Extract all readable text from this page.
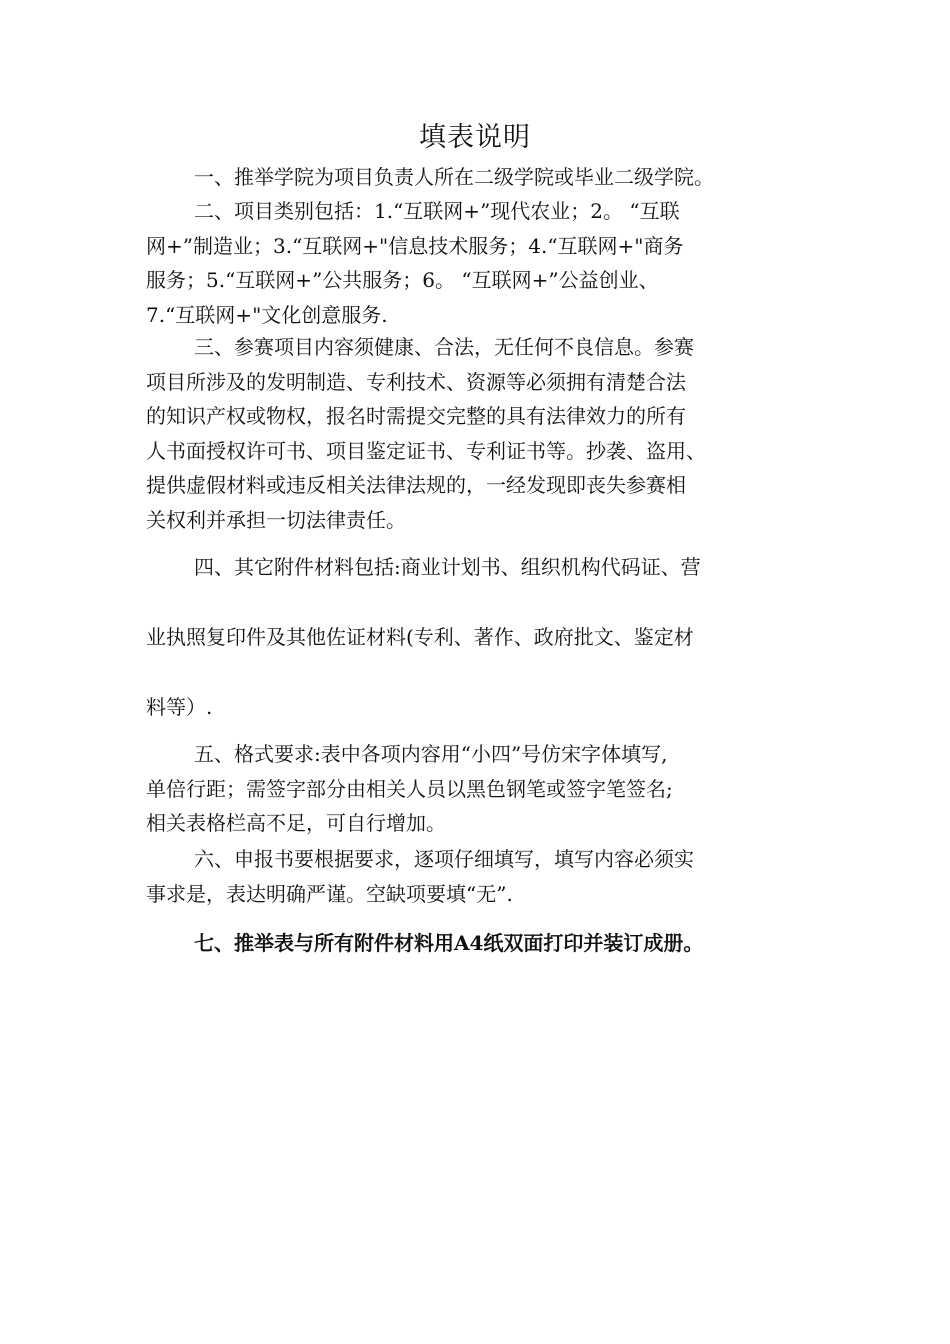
填表说明
一、推举学院为项目负责人所在二级学院或毕业二级学院。
二、项目类别包括：1.“互联网+”现代农业；2。 “互联
网+”制造业；3.“互联网+"信息技术服务；4.“互联网+"商务
服务；5.“互联网+”公共服务；6。 “互联网+”公益创业、
7.“互联网+"文化创意服务.
三、参赛项目内容须健康、合法，无任何不良信息。参赛
项目所涉及的发明制造、专利技术、资源等必须拥有清楚合法
的知识产权或物权，报名时需提交完整的具有法律效力的所有
人书面授权许可书、项目鉴定证书、专利证书等。抄袭、盗用、
提供虚假材料或违反相关法律法规的，一经发现即丧失参赛相
关权利并承担一切法律责任。
四、其它附件材料包括:商业计划书、组织机构代码证、营
业执照复印件及其他佐证材料(专利、著作、政府批文、鉴定材
料等）.
五、格式要求:表中各项内容用“小四”号仿宋字体填写,
单倍行距；需签字部分由相关人员以黑色钢笔或签字笔签名;
相关表格栏高不足，可自行增加。
六、申报书要根据要求，逐项仔细填写，填写内容必须实
事求是，表达明确严谨。空缺项要填“无”.
七、推举表与所有附件材料用A4纸双面打印并装订成册。
